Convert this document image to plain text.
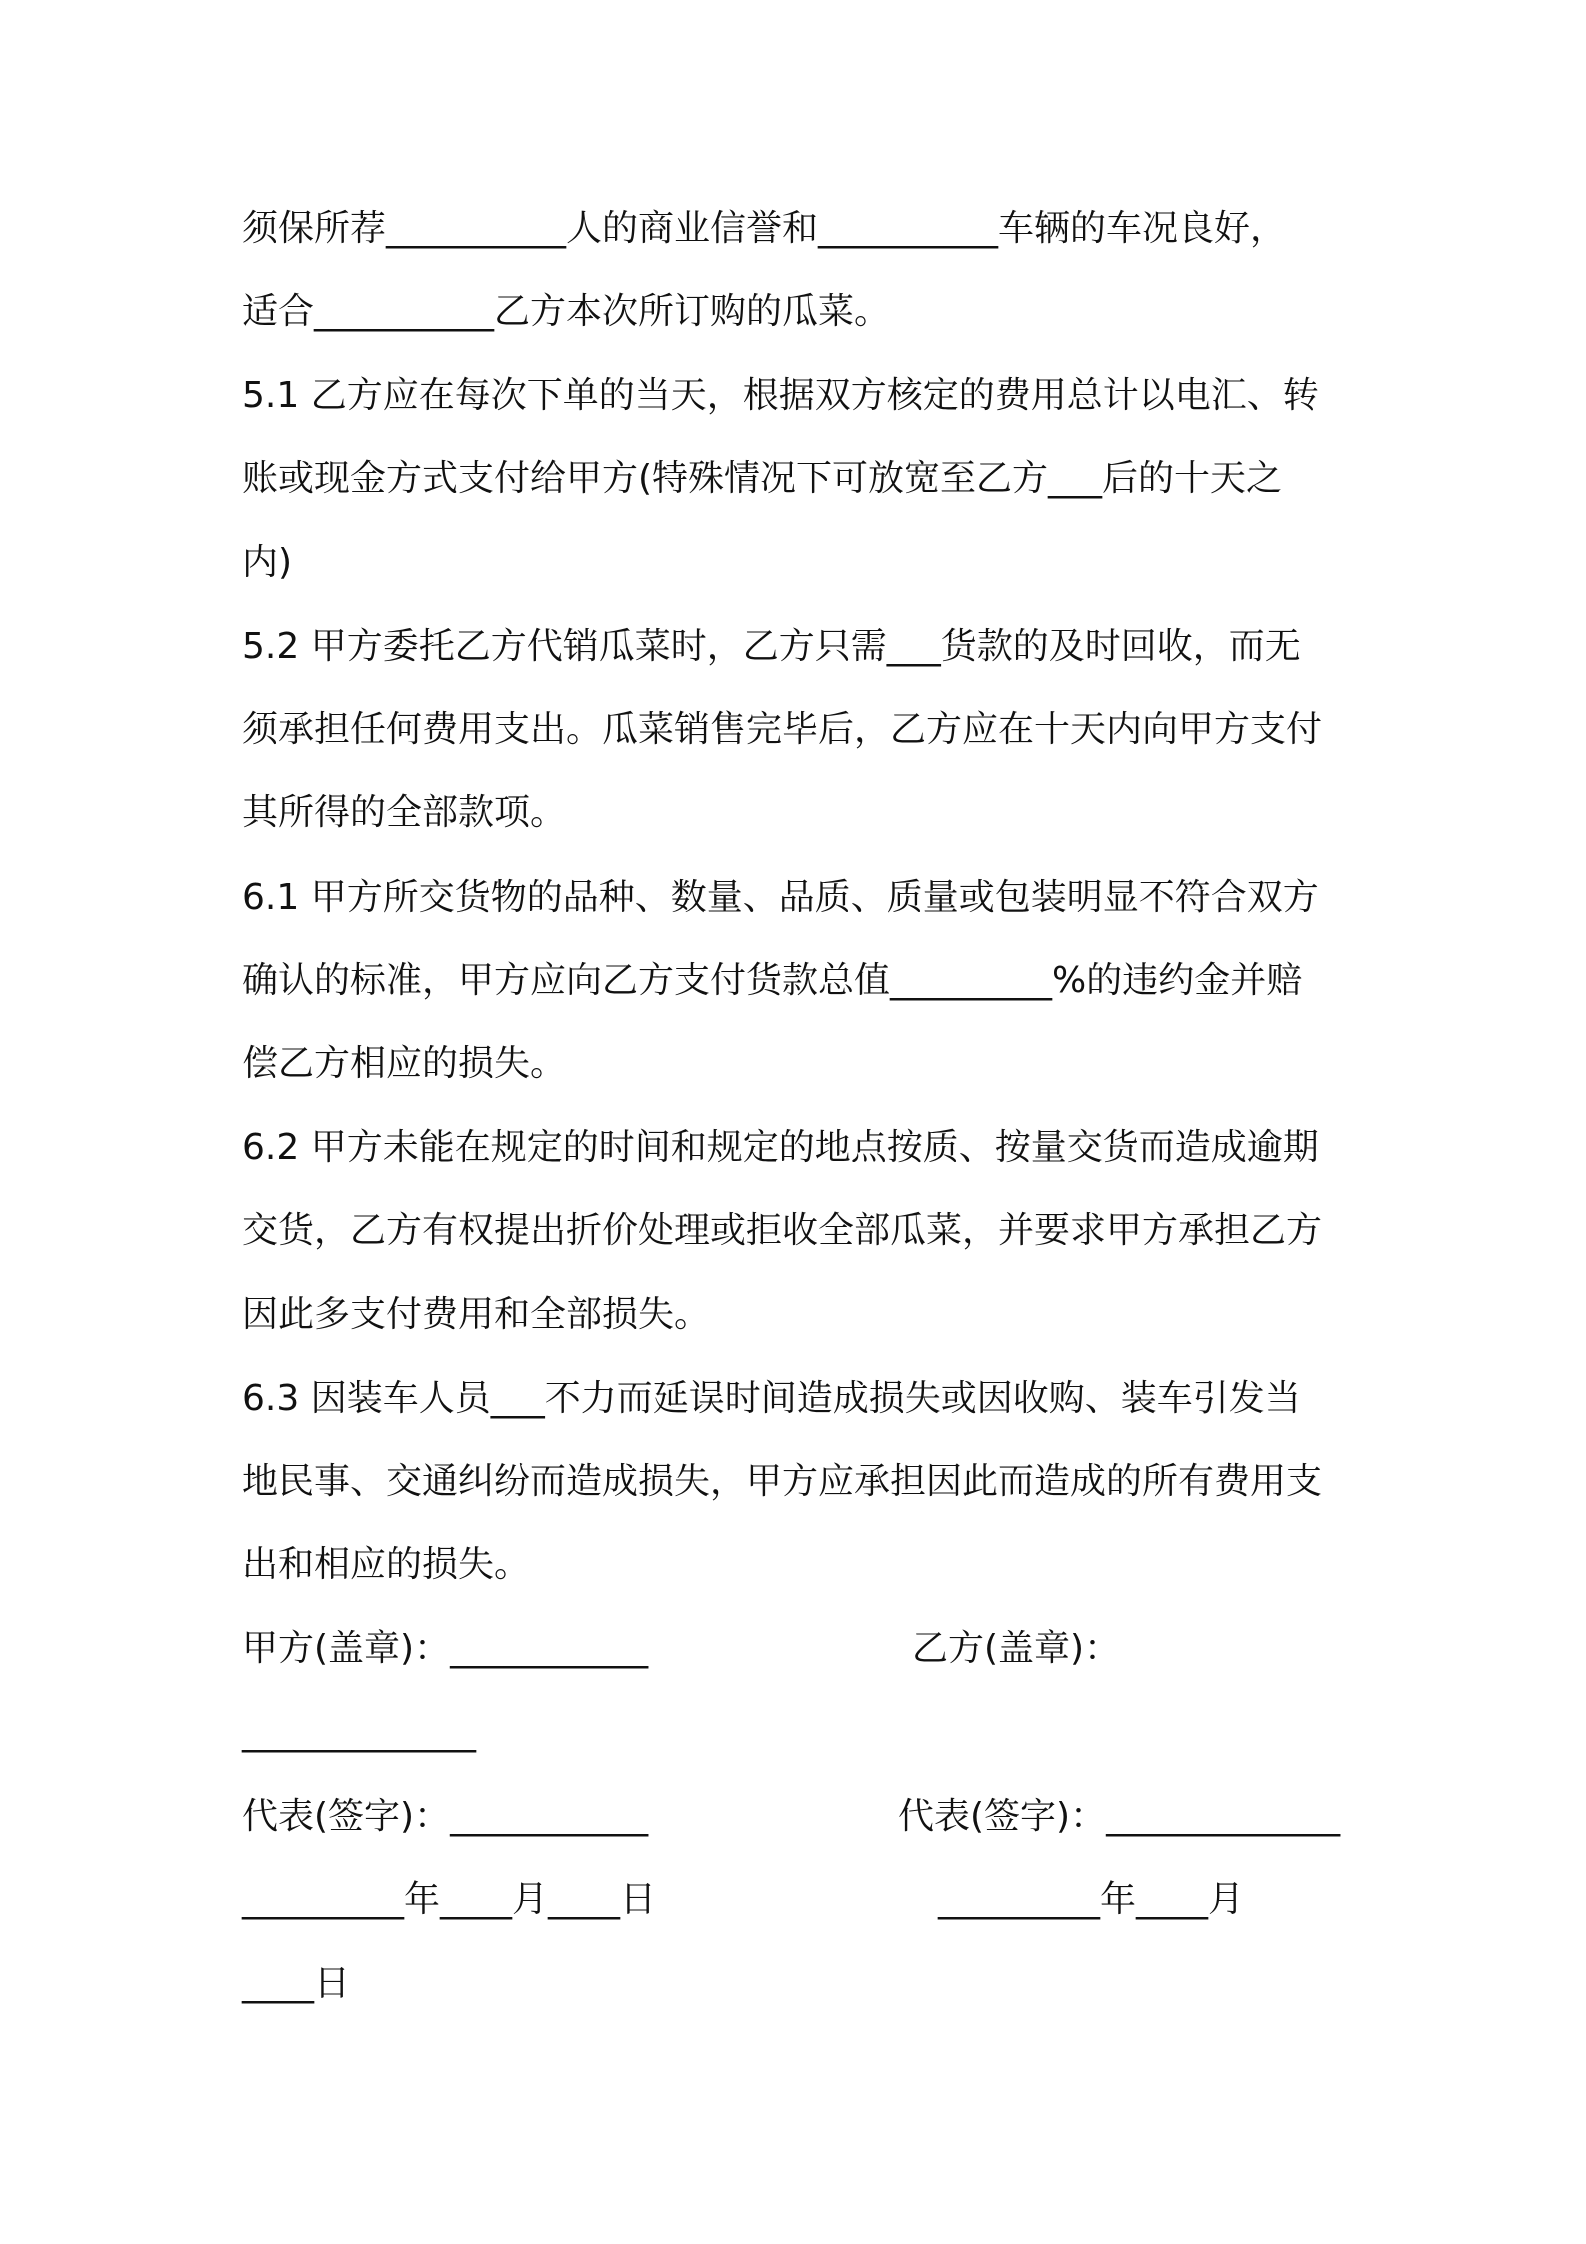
须保所荐__________人的商业信誉和__________车辆的车况良好，
适合__________乙方本次所订购的瓜菜。
5.1 乙方应在每次下单的当天，根据双方核定的费用总计以电汇、转
账或现金方式支付给甲方(特殊情况下可放宽至乙方___后的十天之
内)
5.2 甲方委托乙方代销瓜菜时，乙方只需___货款的及时回收，而无
须承担任何费用支出。瓜菜销售完毕后，乙方应在十天内向甲方支付
其所得的全部款项。
6.1 甲方所交货物的品种、数量、品质、质量或包装明显不符合双方
确认的标准，甲方应向乙方支付货款总值_________%的违约金并赔
偿乙方相应的损失。
6.2 甲方未能在规定的时间和规定的地点按质、按量交货而造成逾期
交货，乙方有权提出折价处理或拒收全部瓜菜，并要求甲方承担乙方
因此多支付费用和全部损失。
6.3 因装车人员___不力而延误时间造成损失或因收购、装车引发当
地民事、交通纠纷而造成损失，甲方应承担因此而造成的所有费用支
出和相应的损失。
甲方(盖章)：___________	乙方(盖章)：
_____________
代表(签字)：___________	代表(签字)：_____________
_________年____月____日	_________年____月
____日
